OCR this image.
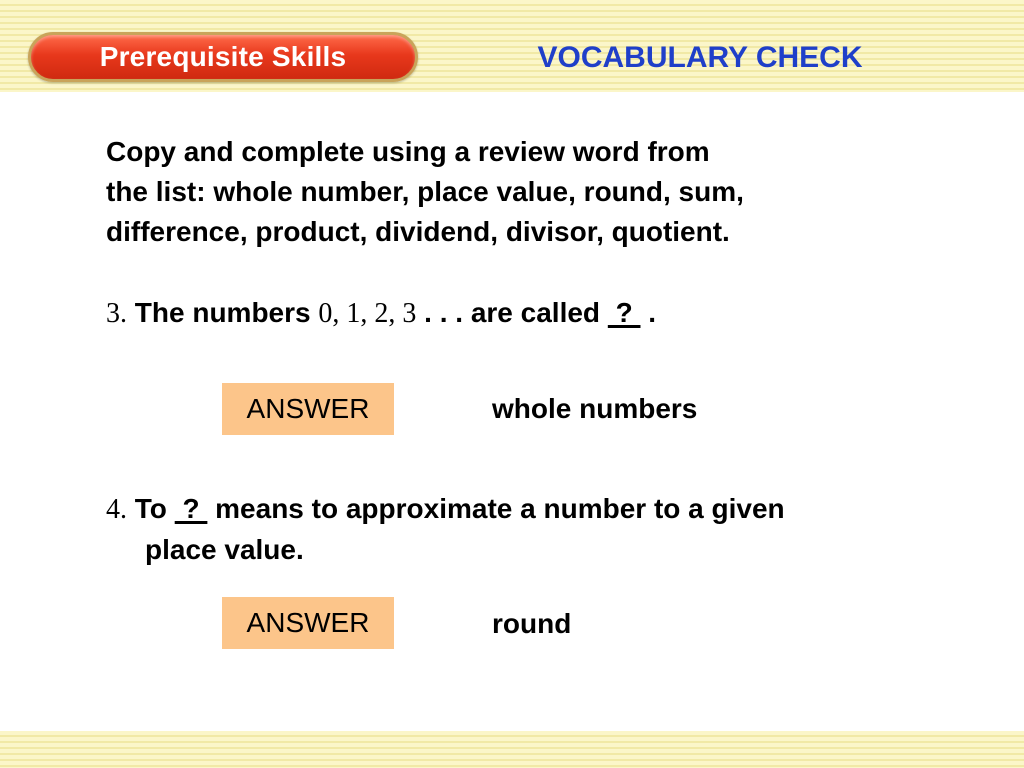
Prerequisite Skills	VOCABULARY CHECK

Copy and complete using a review word from
the list: whole number, place value, round, sum,
difference, product, dividend, divisor, quotient.

3. The numbers 0, 1, 2, 3 . . . are called  ?  .
ANSWER	whole numbers
4. To  ?  means to approximate a number to a given
place value.
ANSWER	round
